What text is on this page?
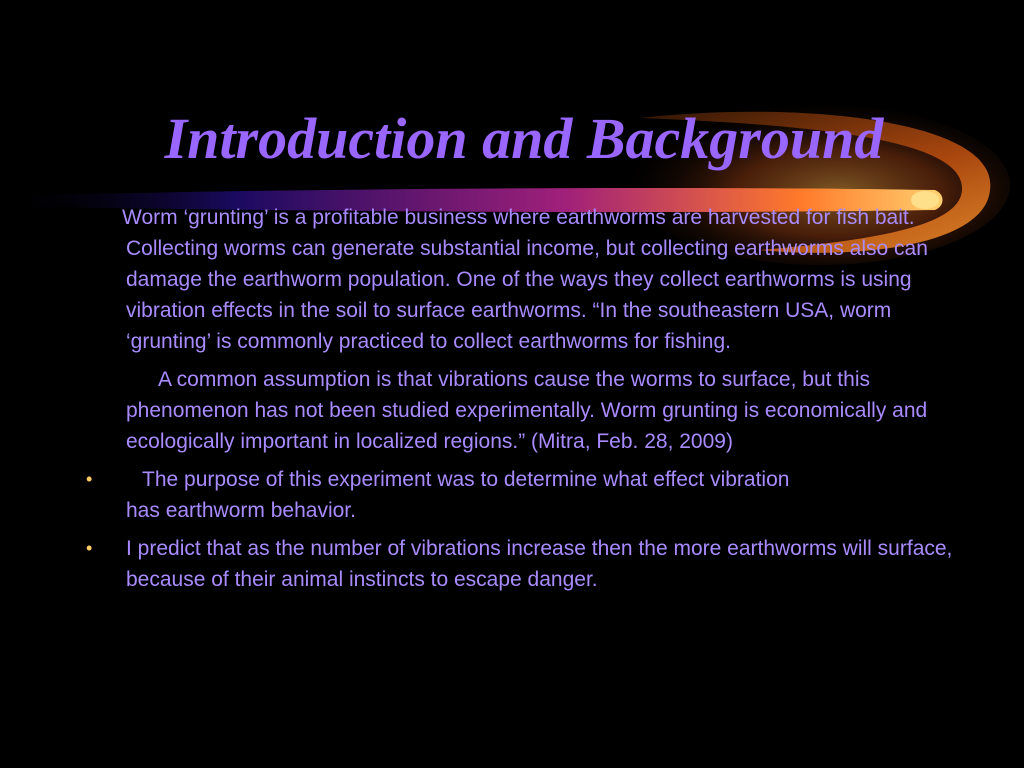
Introduction and Background

Worm ‘grunting’ is a profitable business where earthworms are harvested for fish bait. Collecting worms can generate substantial income, but collecting earthworms also can damage the earthworm population. One of the ways they collect earthworms is using vibration effects in the soil to surface earthworms. “In the southeastern USA, worm ‘grunting’ is commonly practiced to collect earthworms for fishing.

A common assumption is that vibrations cause the worms to surface, but this phenomenon has not been studied experimentally. Worm grunting is economically and ecologically important in localized regions.” (Mitra, Feb. 28, 2009)

•	The purpose of this experiment was to determine what effect vibration
has earthworm behavior.
• I predict that as the number of vibrations increase then the more earthworms will surface, because of their animal instincts to escape danger.
